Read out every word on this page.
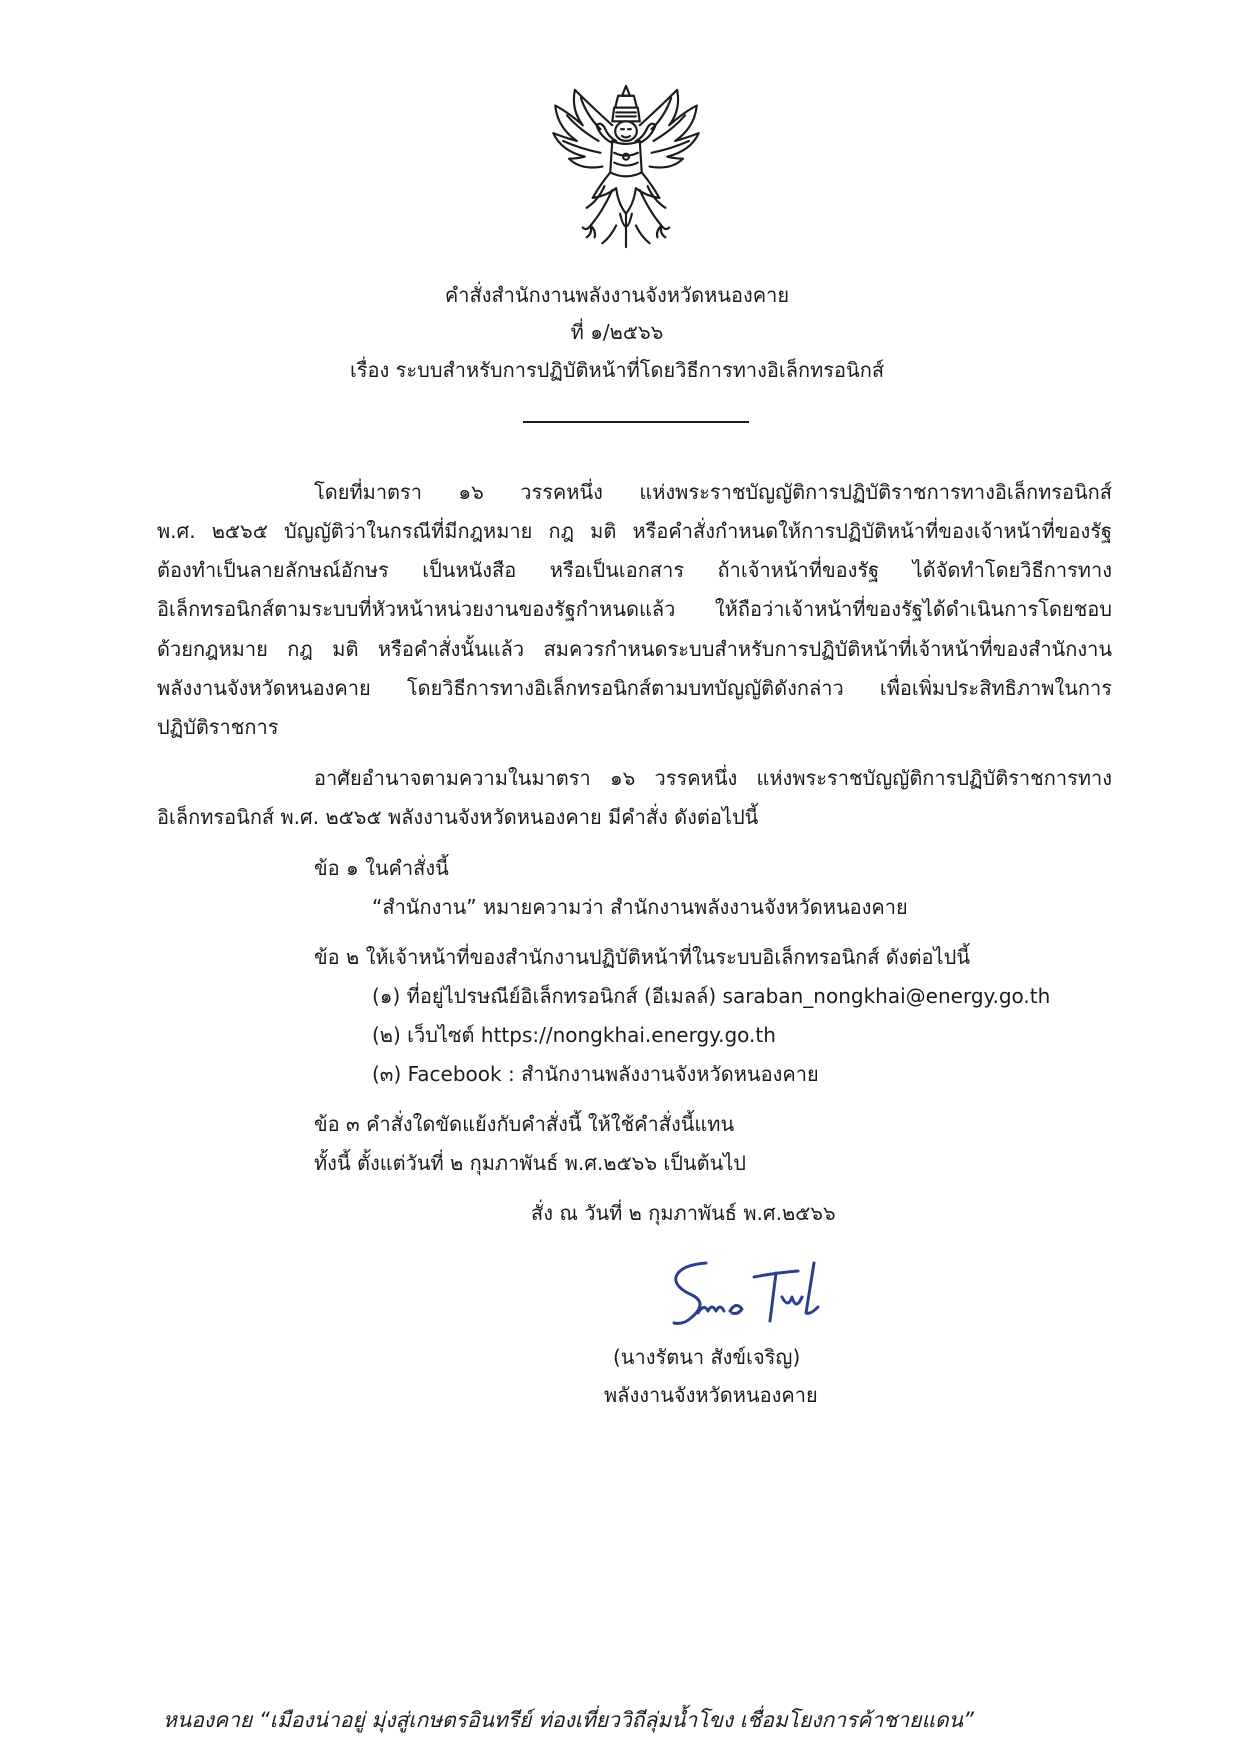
คำสั่งสำนักงานพลังงานจังหวัดหนองคาย
ที่ ๑/๒๕๖๖
เรื่อง ระบบสำหรับการปฏิบัติหน้าที่โดยวิธีการทางอิเล็กทรอนิกส์
โดยที่มาตรา ๑๖ วรรคหนึ่ง แห่งพระราชบัญญัติการปฏิบัติราชการทางอิเล็กทรอนิกส์
พ.ศ. ๒๕๖๕ บัญญัติว่าในกรณีที่มีกฎหมาย กฎ มติ หรือคำสั่งกำหนดให้การปฏิบัติหน้าที่ของเจ้าหน้าที่ของรัฐ
ต้องทำเป็นลายลักษณ์อักษร เป็นหนังสือ หรือเป็นเอกสาร ถ้าเจ้าหน้าที่ของรัฐ ได้จัดทำโดยวิธีการทาง
อิเล็กทรอนิกส์ตามระบบที่หัวหน้าหน่วยงานของรัฐกำหนดแล้ว ให้ถือว่าเจ้าหน้าที่ของรัฐได้ดำเนินการโดยชอบ
ด้วยกฎหมาย กฎ มติ หรือคำสั่งนั้นแล้ว สมควรกำหนดระบบสำหรับการปฏิบัติหน้าที่เจ้าหน้าที่ของสำนักงาน
พลังงานจังหวัดหนองคาย โดยวิธีการทางอิเล็กทรอนิกส์ตามบทบัญญัติดังกล่าว เพื่อเพิ่มประสิทธิภาพในการ
ปฏิบัติราชการ
อาศัยอำนาจตามความในมาตรา ๑๖ วรรคหนึ่ง แห่งพระราชบัญญัติการปฏิบัติราชการทาง
อิเล็กทรอนิกส์ พ.ศ. ๒๕๖๕ พลังงานจังหวัดหนองคาย มีคำสั่ง ดังต่อไปนี้
ข้อ ๑ ในคำสั่งนี้
“สำนักงาน” หมายความว่า สำนักงานพลังงานจังหวัดหนองคาย
ข้อ ๒ ให้เจ้าหน้าที่ของสำนักงานปฏิบัติหน้าที่ในระบบอิเล็กทรอนิกส์ ดังต่อไปนี้
(๑) ที่อยู่ไปรษณีย์อิเล็กทรอนิกส์ (อีเมลล์) saraban_nongkhai@energy.go.th
(๒) เว็บไซต์ https://nongkhai.energy.go.th
(๓) Facebook : สำนักงานพลังงานจังหวัดหนองคาย
ข้อ ๓ คำสั่งใดขัดแย้งกับคำสั่งนี้ ให้ใช้คำสั่งนี้แทน
ทั้งนี้ ตั้งแต่วันที่ ๒ กุมภาพันธ์ พ.ศ.๒๕๖๖ เป็นต้นไป
สั่ง ณ วันที่ ๒ กุมภาพันธ์ พ.ศ.๒๕๖๖
(นางรัตนา สังข์เจริญ)
พลังงานจังหวัดหนองคาย
หนองคาย “เมืองน่าอยู่ มุ่งสู่เกษตรอินทรีย์ ท่องเที่ยววิถีลุ่มน้ำโขง เชื่อมโยงการค้าชายแดน”
